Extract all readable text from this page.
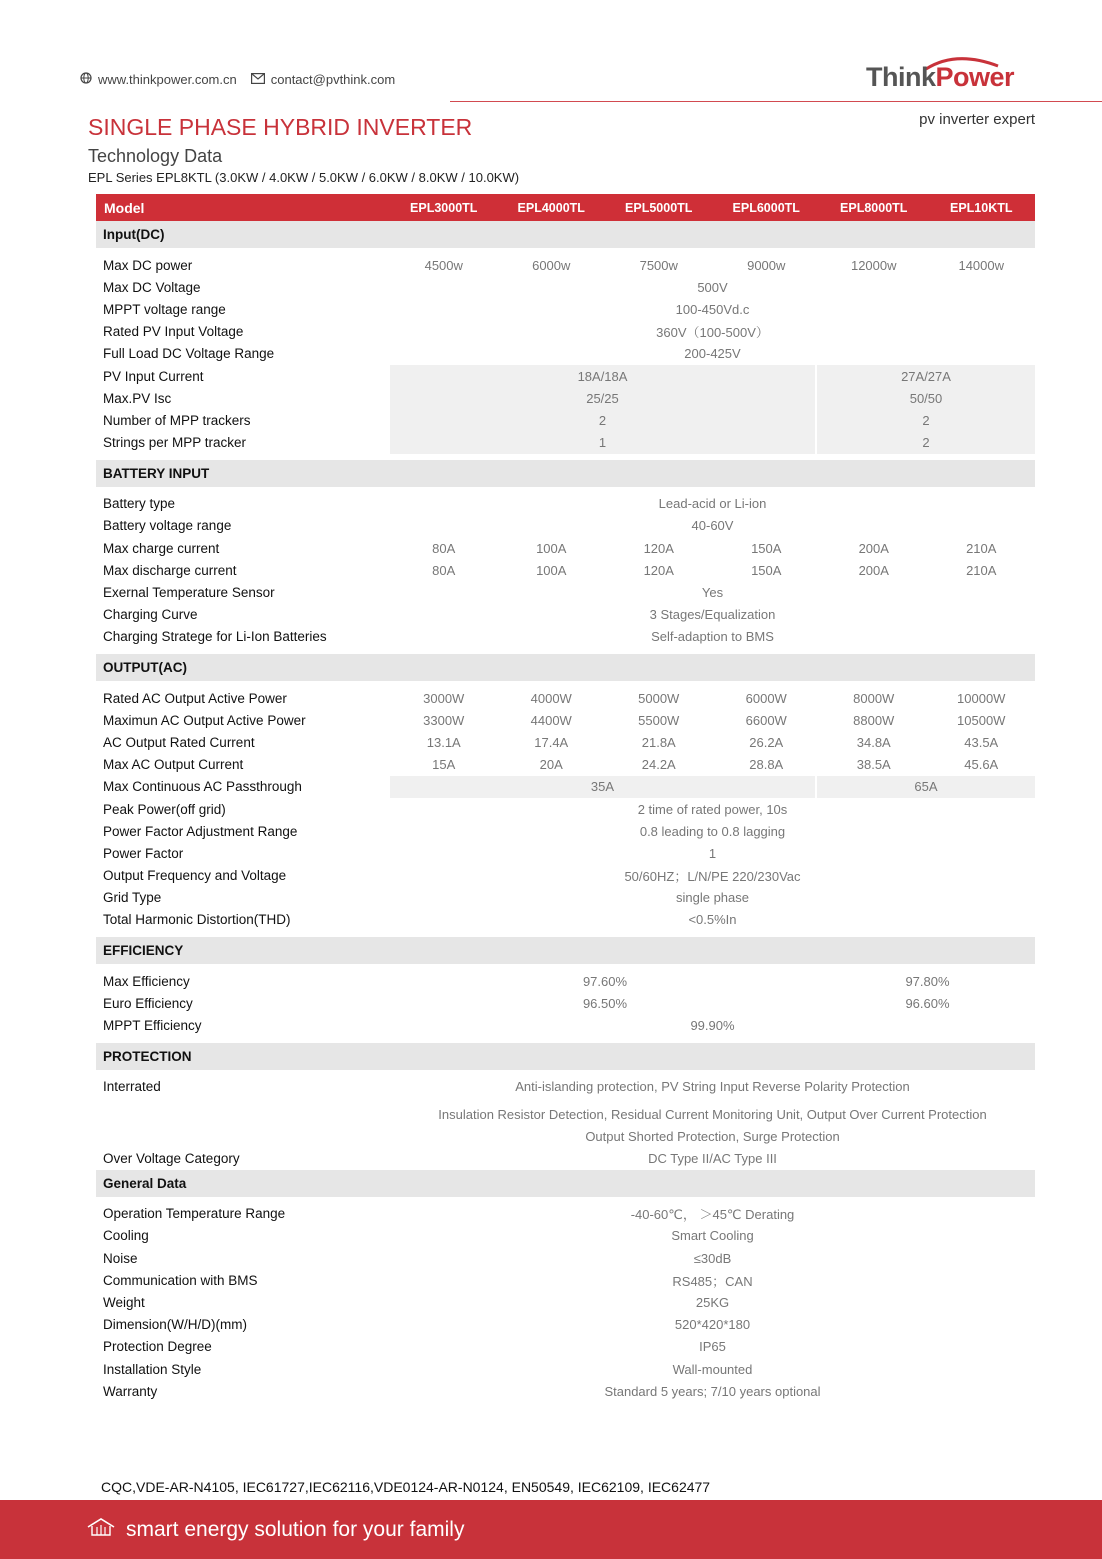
www.thinkpower.com.cn	contact@pvthink.com	ThinkPower
pv inverter expert
SINGLE PHASE HYBRID INVERTER
Technology Data
EPL Series EPL8KTL (3.0KW / 4.0KW / 5.0KW / 6.0KW / 8.0KW / 10.0KW)
Model	EPL3000TL	EPL4000TL	EPL5000TL	EPL6000TL	EPL8000TL	EPL10KTL
Input(DC)
Max DC power	4500w	6000w	7500w	9000w	12000w	14000w
Max DC Voltage	500V
MPPT voltage range	100-450Vd.c
Rated PV Input Voltage	360V（100-500V）
Full Load DC Voltage Range	200-425V
PV Input Current	18A/18A	27A/27A
Max.PV Isc	25/25	50/50
Number of MPP trackers	2	2
Strings per MPP tracker	1	2
BATTERY INPUT
Battery type	Lead-acid or Li-ion
Battery voltage range	40-60V
Max charge current	80A	100A	120A	150A	200A	210A
Max discharge current	80A	100A	120A	150A	200A	210A
Exernal Temperature Sensor	Yes
Charging Curve	3 Stages/Equalization
Charging Stratege for Li-Ion Batteries	Self-adaption to BMS
OUTPUT(AC)
Rated AC Output Active Power	3000W	4000W	5000W	6000W	8000W	10000W
Maximun AC Output Active Power	3300W	4400W	5500W	6600W	8800W	10500W
AC Output Rated Current	13.1A	17.4A	21.8A	26.2A	34.8A	43.5A
Max AC Output Current	15A	20A	24.2A	28.8A	38.5A	45.6A
Max Continuous AC Passthrough	35A	65A
Peak Power(off grid)	2 time of rated power, 10s
Power Factor Adjustment Range	0.8 leading to 0.8 lagging
Power Factor	1
Output Frequency and Voltage	50/60HZ；L/N/PE 220/230Vac
Grid Type	single phase
Total Harmonic Distortion(THD)	<0.5%In
EFFICIENCY
Max Efficiency	97.60%	97.80%
Euro Efficiency	96.50%	96.60%
MPPT Efficiency	99.90%
PROTECTION
Interrated	Anti-islanding protection, PV String Input Reverse Polarity Protection
Insulation Resistor Detection, Residual Current Monitoring Unit, Output Over Current Protection
Output Shorted Protection, Surge Protection
Over Voltage Category	DC Type II/AC Type III
General Data
Operation Temperature Range	-40-60℃， ＞45℃ Derating
Cooling	Smart Cooling
Noise	≤30dB
Communication with BMS	RS485；CAN
Weight	25KG
Dimension(W/H/D)(mm)	520*420*180
Protection Degree	IP65
Installation Style	Wall-mounted
Warranty	Standard 5 years; 7/10 years optional
CQC,VDE-AR-N4105, IEC61727,IEC62116,VDE0124-AR-N0124, EN50549, IEC62109, IEC62477
smart energy solution for your family
